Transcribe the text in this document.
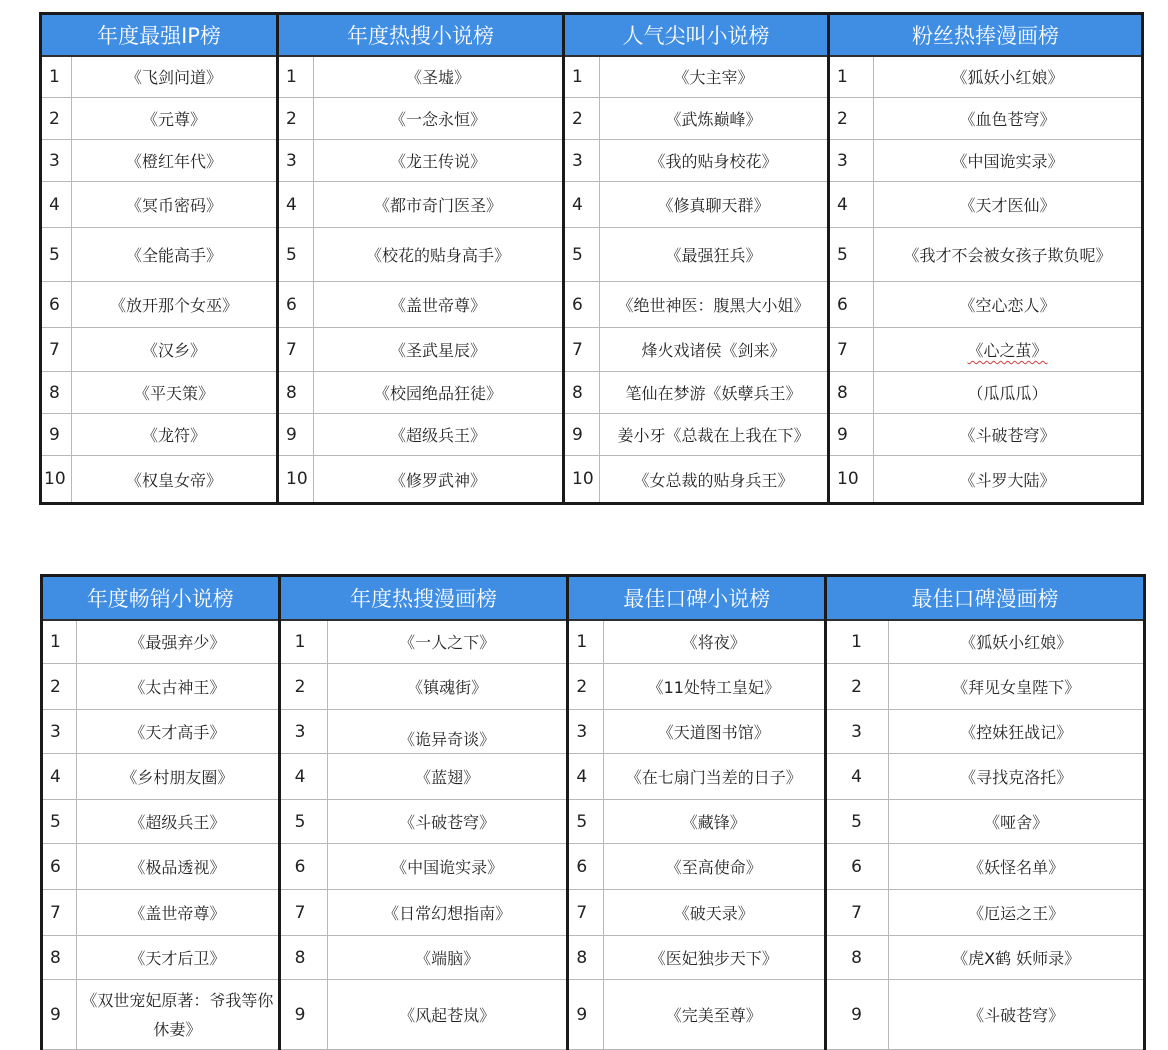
年度最强IP榜		年度热搜小说榜		人气尖叫小说榜		粉丝热捧漫画榜	
1	《飞剑问道》	1	《圣墟》	1	《大主宰》	1	《狐妖小红娘》
2	《元尊》	2	《一念永恒》	2	《武炼巅峰》	2	《血色苍穹》
3	《橙红年代》	3	《龙王传说》	3	《我的贴身校花》	3	《中国诡实录》
4	《冥币密码》	4	《都市奇门医圣》	4	《修真聊天群》	4	《天才医仙》
5	《全能高手》	5	《校花的贴身高手》	5	《最强狂兵》	5	《我才不会被女孩子欺负呢》
6	《放开那个女巫》	6	《盖世帝尊》	6	《绝世神医：腹黑大小姐》	6	《空心恋人》
7	《汉乡》	7	《圣武星辰》	7	烽火戏诸侯《剑来》	7	《心之茧》
8	《平天策》	8	《校园绝品狂徒》	8	笔仙在梦游《妖孽兵王》	8	（瓜瓜瓜）
9	《龙符》	9	《超级兵王》	9	姜小牙《总裁在上我在下》	9	《斗破苍穹》
10	《权皇女帝》	10	《修罗武神》	10	《女总裁的贴身兵王》	10	《斗罗大陆》
年度畅销小说榜		年度热搜漫画榜		最佳口碑小说榜		最佳口碑漫画榜	
1	《最强弃少》	1	《一人之下》	1	《将夜》	1	《狐妖小红娘》
2	《太古神王》	2	《镇魂街》	2	《11处特工皇妃》	2	《拜见女皇陛下》
3	《天才高手》	3	《诡异奇谈》	3	《天道图书馆》	3	《控妹狂战记》
4	《乡村朋友圈》	4	《蓝翅》	4	《在七扇门当差的日子》	4	《寻找克洛托》
5	《超级兵王》	5	《斗破苍穹》	5	《藏锋》	5	《哑舍》
6	《极品透视》	6	《中国诡实录》	6	《至高使命》	6	《妖怪名单》
7	《盖世帝尊》	7	《日常幻想指南》	7	《破天录》	7	《厄运之王》
8	《天才后卫》	8	《端脑》	8	《医妃独步天下》	8	《虎X鹤 妖师录》
9	《双世宠妃原著：爷我等你休妻》	9	《风起苍岚》	9	《完美至尊》	9	《斗破苍穹》
